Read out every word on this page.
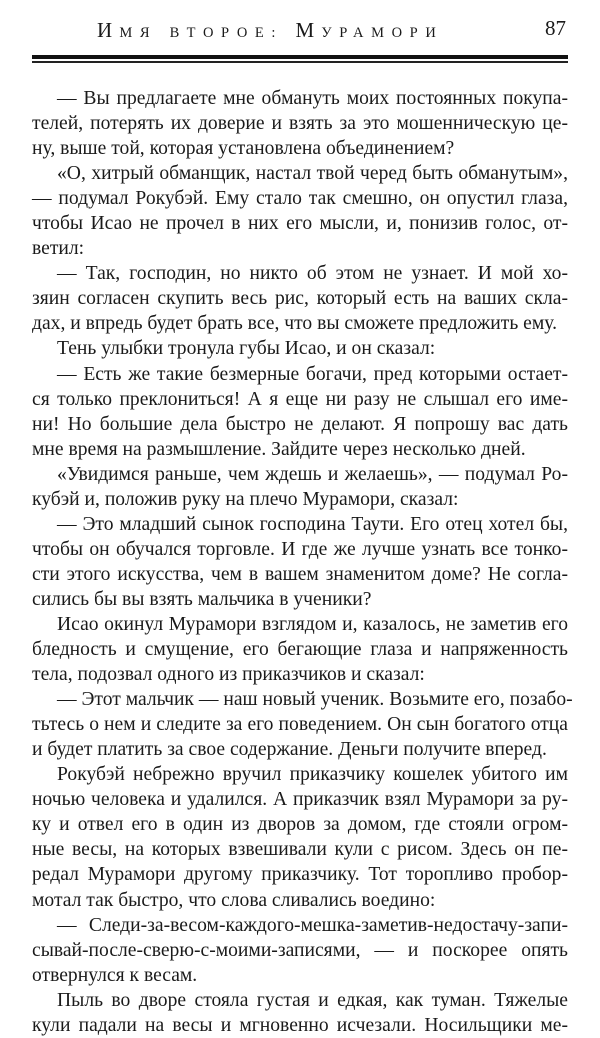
ИМЯ ВТОРОЕ: МУРАМОРИ	87
— Вы предлагаете мне обмануть моих постоянных покупа-
телей, потерять их доверие и взять за это мошенническую це-
ну, выше той, которая установлена объединением?
«О, хитрый обманщик, настал твой черед быть обманутым»,
— подумал Рокубэй. Ему стало так смешно, он опустил глаза,
чтобы Исао не прочел в них его мысли, и, понизив голос, от-
ветил:
— Так, господин, но никто об этом не узнает. И мой хо-
зяин согласен скупить весь рис, который есть на ваших скла-
дах, и впредь будет брать все, что вы сможете предложить ему.
Тень улыбки тронула губы Исао, и он сказал:
— Есть же такие безмерные богачи, пред которыми остает-
ся только преклониться! А я еще ни разу не слышал его име-
ни! Но большие дела быстро не делают. Я попрошу вас дать
мне время на размышление. Зайдите через несколько дней.
«Увидимся раньше, чем ждешь и желаешь», — подумал Ро-
кубэй и, положив руку на плечо Мурамори, сказал:
— Это младший сынок господина Таути. Его отец хотел бы,
чтобы он обучался торговле. И где же лучше узнать все тонко-
сти этого искусства, чем в вашем знаменитом доме? Не согла-
сились бы вы взять мальчика в ученики?
Исао окинул Мурамори взглядом и, казалось, не заметив его
бледность и смущение, его бегающие глаза и напряженность
тела, подозвал одного из приказчиков и сказал:
— Этот мальчик — наш новый ученик. Возьмите его, позабо-
тьтесь о нем и следите за его поведением. Он сын богатого отца
и будет платить за свое содержание. Деньги получите вперед.
Рокубэй небрежно вручил приказчику кошелек убитого им
ночью человека и удалился. А приказчик взял Мурамори за ру-
ку и отвел его в один из дворов за домом, где стояли огром-
ные весы, на которых взвешивали кули с рисом. Здесь он пе-
редал Мурамори другому приказчику. Тот торопливо пробор-
мотал так быстро, что слова сливались воедино:
— Следи-за-весом-каждого-мешка-заметив-недостачу-запи-
сывай-после-сверю-с-моими-записями, — и поскорее опять
отвернулся к весам.
Пыль во дворе стояла густая и едкая, как туман. Тяжелые
кули падали на весы и мгновенно исчезали. Носильщики ме-
